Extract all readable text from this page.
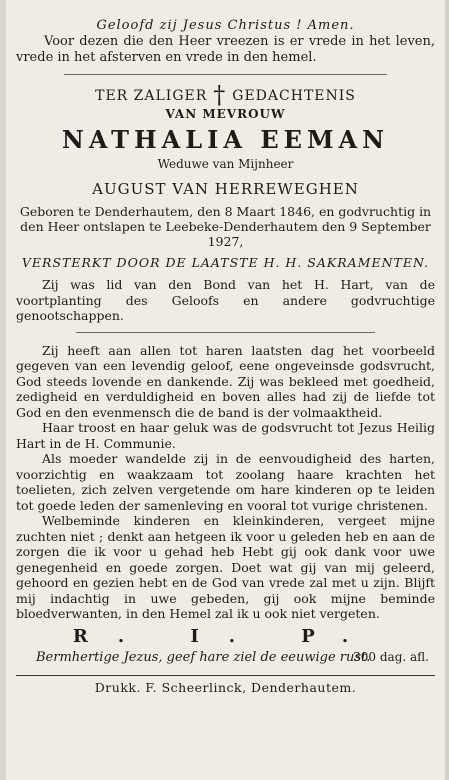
Geloofd zij Jesus Christus ! Amen.

Voor dezen die den Heer vreezen is er vrede in het leven, vrede in het afsterven en vrede in den hemel.

TER ZALIGER † GEDACHTENIS

VAN MEVROUW

NATHALIA EEMAN

Weduwe van Mijnheer

AUGUST VAN HERREWEGHEN

Geboren te Denderhautem, den 8 Maart 1846, en godvruchtig in den Heer ontslapen te Leebeke-Denderhautem den 9 September 1927,

VERSTERKT DOOR DE LAATSTE H. H. SAKRAMENTEN.

Zij was lid van den Bond van het H. Hart, van de voortplanting des Geloofs en andere godvruchtige genootschappen.

Zij heeft aan allen tot haren laatsten dag het voorbeeld gegeven van een levendig geloof, eene ongeveinsde godsvrucht, God steeds lovende en dankende. Zij was bekleed met goedheid, zedigheid en verduldigheid en boven alles had zij de liefde tot God en den evenmensch die de band is der volmaaktheid.

Haar troost en haar geluk was de godsvrucht tot Jezus Heilig Hart in de H. Communie.

Als moeder wandelde zij in de eenvoudigheid des harten, voorzichtig en waakzaam tot zoolang haare krachten het toelieten, zich zelven vergetende om hare kinderen op te leiden tot goede leden der samenleving en vooral tot vurige christenen.

Welbeminde kinderen en kleinkinderen, vergeet mijne zuchten niet ; denkt aan hetgeen ik voor u geleden heb en aan de zorgen die ik voor u gehad heb Hebt gij ook dank voor uwe genegenheid en goede zorgen. Doet wat gij van mij geleerd, gehoord en gezien hebt en de God van vrede zal met u zijn. Blijft mij indachtig in uwe gebeden, gij ook mijne beminde bloedverwanten, in den Hemel zal ik u ook niet vergeten.

R. I. P.

Bermhertige Jezus, geef hare ziel de eeuwige rust.

300 dag. afl.

Drukk. F. Scheerlinck, Denderhautem.
